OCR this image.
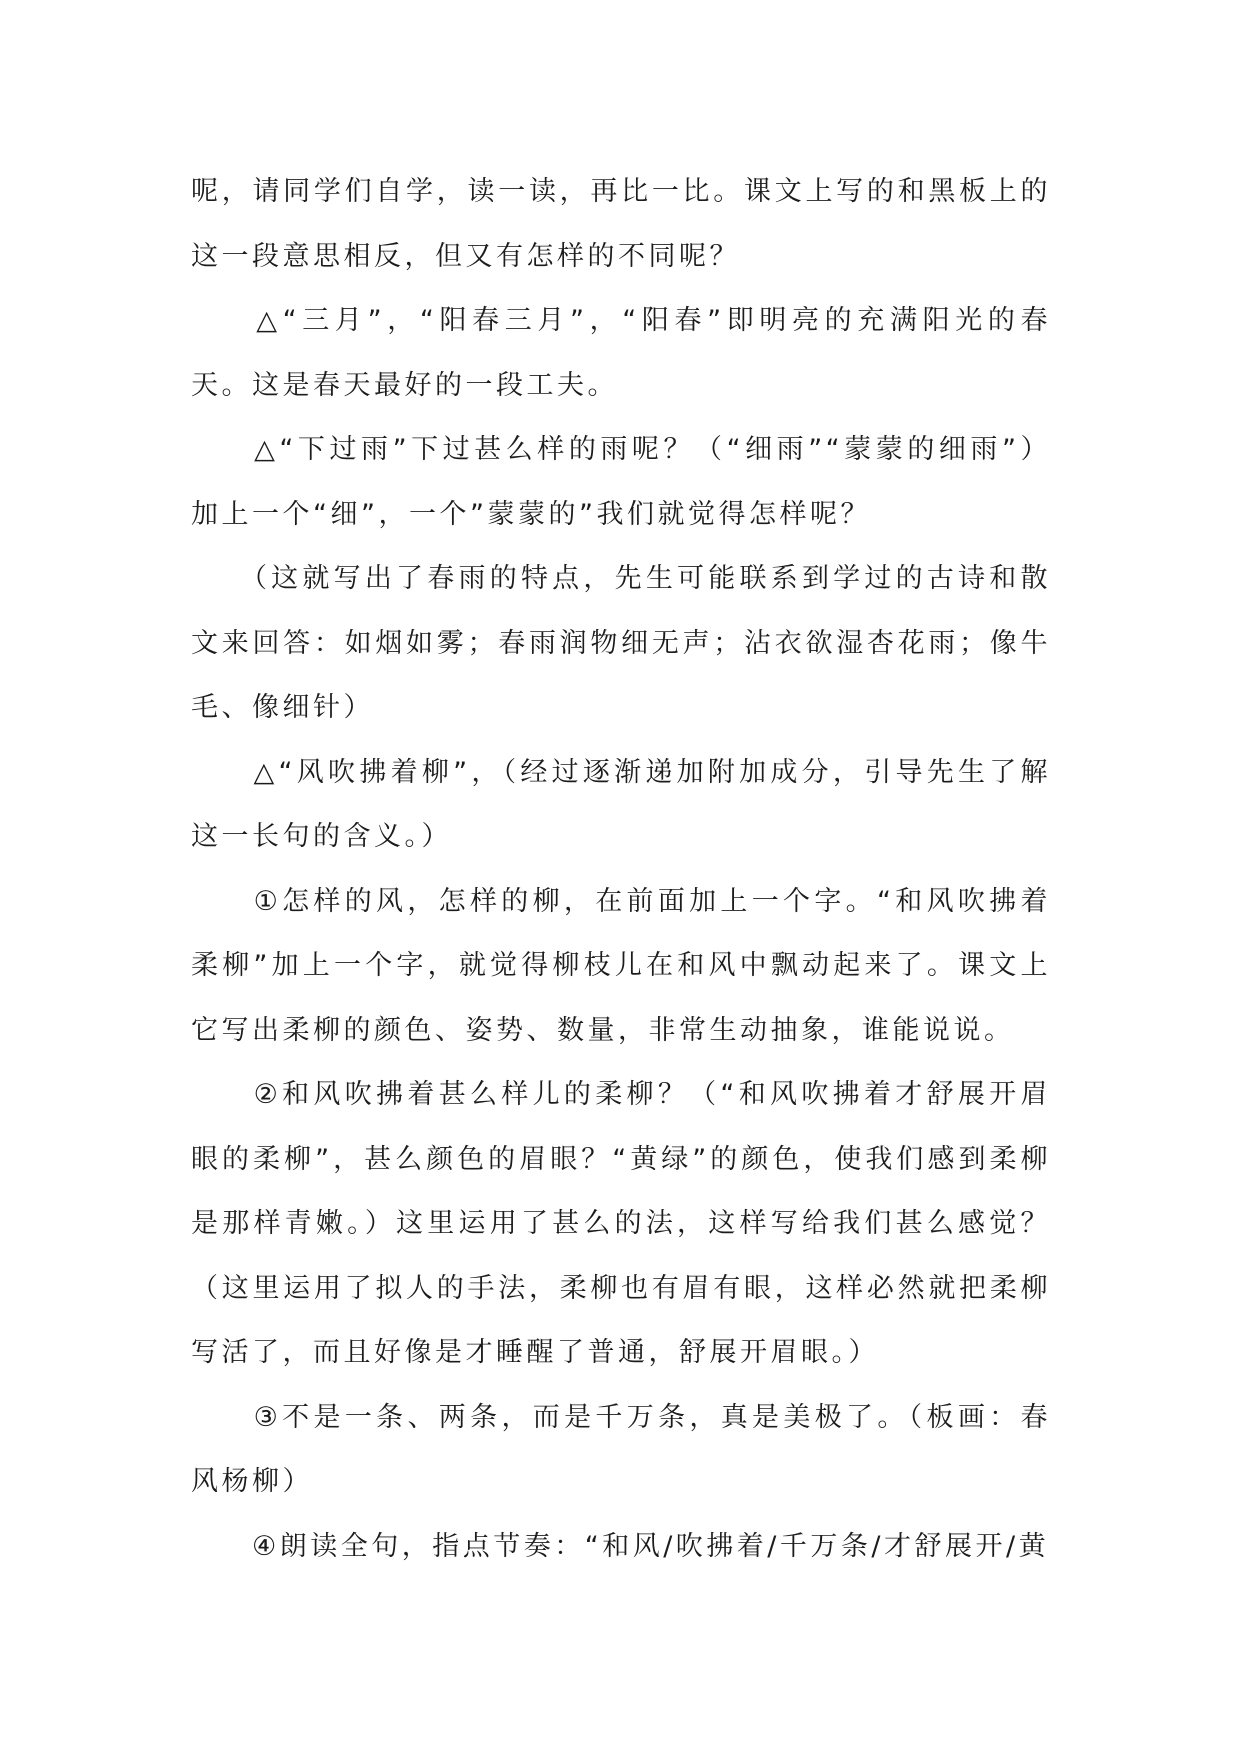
呢，请同学们自学，读一读，再比一比。课文上写的和黑板上的这一段意思相反，但又有怎样的不同呢？

　　△“三月”，“阳春三月”，“阳春”即明亮的充满阳光的春天。这是春天最好的一段工夫。

　　△“下过雨”下过甚么样的雨呢？（“细雨”“蒙蒙的细雨”）加上一个“细”，一个”蒙蒙的”我们就觉得怎样呢？

　　（这就写出了春雨的特点，先生可能联系到学过的古诗和散文来回答：如烟如雾；春雨润物细无声；沾衣欲湿杏花雨；像牛毛、像细针）

　　△“风吹拂着柳”，（经过逐渐递加附加成分，引导先生了解这一长句的含义。）

　　①怎样的风，怎样的柳，在前面加上一个字。“和风吹拂着柔柳”加上一个字，就觉得柳枝儿在和风中飘动起来了。课文上它写出柔柳的颜色、姿势、数量，非常生动抽象，谁能说说。

　　②和风吹拂着甚么样儿的柔柳？（“和风吹拂着才舒展开眉眼的柔柳”，甚么颜色的眉眼？“黄绿”的颜色，使我们感到柔柳是那样青嫩。）这里运用了甚么的法，这样写给我们甚么感觉？（这里运用了拟人的手法，柔柳也有眉有眼，这样必然就把柔柳写活了，而且好像是才睡醒了普通，舒展开眉眼。）

　　③不是一条、两条，而是千万条，真是美极了。（板画：春风杨柳）

　　④朗读全句，指点节奏：“和风/吹拂着/千万条/才舒展开/黄
